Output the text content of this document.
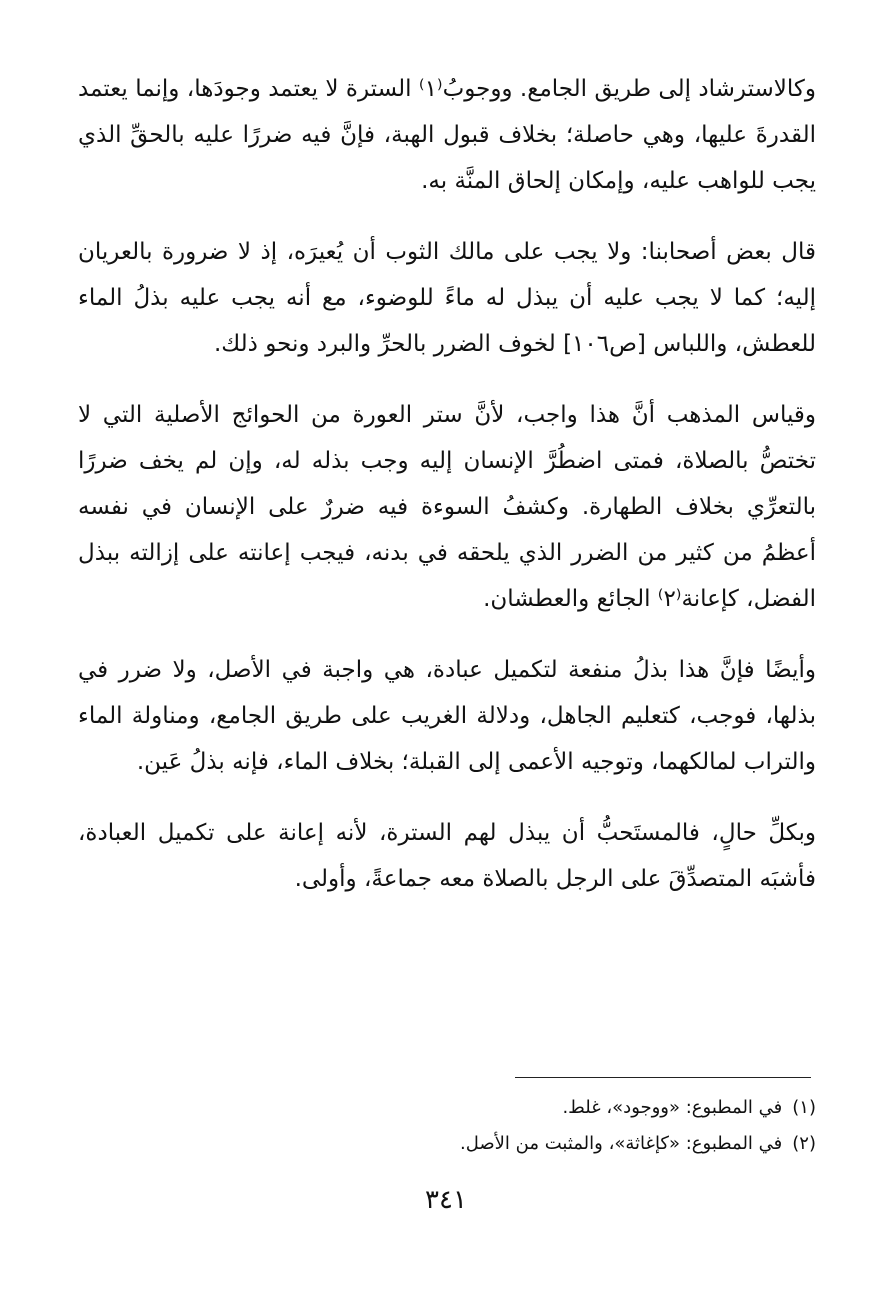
وكالاسترشاد إلى طريق الجامع. ووجوبُ⁽١⁾ السترة لا يعتمد وجودَها، وإنما يعتمد القدرةَ عليها، وهي حاصلة؛ بخلاف قبول الهبة، فإنَّ فيه ضررًا عليه بالحقِّ الذي يجب للواهب عليه، وإمكان إلحاق المنَّة به.

قال بعض أصحابنا: ولا يجب على مالك الثوب أن يُعيرَه، إذ لا ضرورة بالعريان إليه؛ كما لا يجب عليه أن يبذل له ماءً للوضوء، مع أنه يجب عليه بذلُ الماء للعطش، واللباس [ص١٠٦] لخوف الضرر بالحرِّ والبرد ونحو ذلك.

وقياس المذهب أنَّ هذا واجب، لأنَّ ستر العورة من الحوائج الأصلية التي لا تختصُّ بالصلاة، فمتى اضطُرَّ الإنسان إليه وجب بذله له، وإن لم يخف ضررًا بالتعرِّي بخلاف الطهارة. وكشفُ السوءة فيه ضررٌ على الإنسان في نفسه أعظمُ من كثير من الضرر الذي يلحقه في بدنه، فيجب إعانته على إزالته ببذل الفضل، كإعانة⁽٢⁾ الجائع والعطشان.

وأيضًا فإنَّ هذا بذلُ منفعة لتكميل عبادة، هي واجبة في الأصل، ولا ضرر في بذلها، فوجب، كتعليم الجاهل، ودلالة الغريب على طريق الجامع، ومناولة الماء والتراب لمالكهما، وتوجيه الأعمى إلى القبلة؛ بخلاف الماء، فإنه بذلُ عَين.

وبكلِّ حالٍ، فالمستَحبُّ أن يبذل لهم السترة، لأنه إعانة على تكميل العبادة، فأشبَه المتصدِّقَ على الرجل بالصلاة معه جماعةً، وأولى.

(١)في المطبوع: «ووجود»، غلط.

(٢)في المطبوع: «كإغاثة»، والمثبت من الأصل.

٣٤١
